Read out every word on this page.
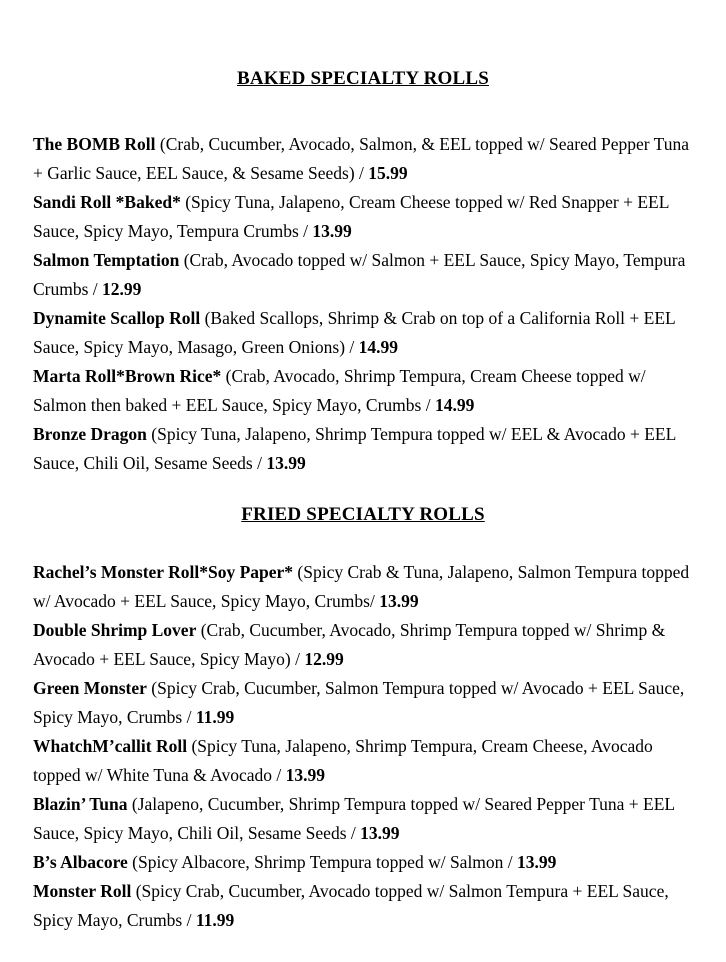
BAKED SPECIALTY ROLLS

The BOMB Roll (Crab, Cucumber, Avocado, Salmon, & EEL topped w/ Seared Pepper Tuna + Garlic Sauce, EEL Sauce, & Sesame Seeds) / 15.99

Sandi Roll *Baked* (Spicy Tuna, Jalapeno, Cream Cheese topped w/ Red Snapper + EEL Sauce, Spicy Mayo, Tempura Crumbs / 13.99

Salmon Temptation (Crab, Avocado topped w/ Salmon + EEL Sauce, Spicy Mayo, Tempura Crumbs / 12.99

Dynamite Scallop Roll (Baked Scallops, Shrimp & Crab on top of a California Roll + EEL Sauce, Spicy Mayo, Masago, Green Onions) / 14.99

Marta Roll*Brown Rice* (Crab, Avocado, Shrimp Tempura, Cream Cheese topped w/ Salmon then baked + EEL Sauce, Spicy Mayo, Crumbs / 14.99

Bronze Dragon (Spicy Tuna, Jalapeno, Shrimp Tempura topped w/ EEL & Avocado + EEL Sauce, Chili Oil, Sesame Seeds / 13.99

FRIED SPECIALTY ROLLS

Rachel’s Monster Roll*Soy Paper* (Spicy Crab & Tuna, Jalapeno, Salmon Tempura topped w/ Avocado + EEL Sauce, Spicy Mayo, Crumbs/ 13.99

Double Shrimp Lover (Crab, Cucumber, Avocado, Shrimp Tempura topped w/ Shrimp & Avocado + EEL Sauce, Spicy Mayo) / 12.99

Green Monster (Spicy Crab, Cucumber, Salmon Tempura topped w/ Avocado + EEL Sauce, Spicy Mayo, Crumbs / 11.99

WhatchM’callit Roll (Spicy Tuna, Jalapeno, Shrimp Tempura, Cream Cheese, Avocado topped w/ White Tuna & Avocado / 13.99

Blazin’ Tuna (Jalapeno, Cucumber, Shrimp Tempura topped w/ Seared Pepper Tuna + EEL Sauce, Spicy Mayo, Chili Oil, Sesame Seeds / 13.99

B’s Albacore (Spicy Albacore, Shrimp Tempura topped w/ Salmon / 13.99

Monster Roll (Spicy Crab, Cucumber, Avocado topped w/ Salmon Tempura + EEL Sauce, Spicy Mayo, Crumbs / 11.99
